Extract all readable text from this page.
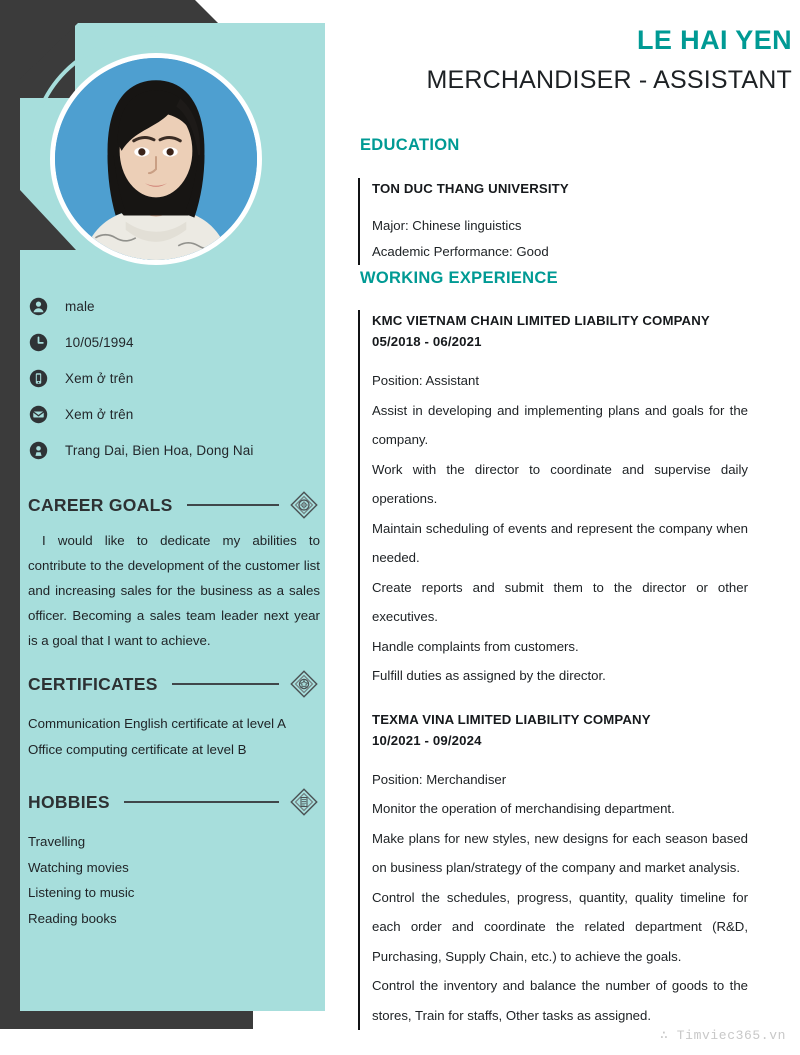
male
10/05/1994
Xem ở trên
Xem ở trên
Trang Dai, Bien Hoa, Dong Nai
CAREER GOALS
I would like to dedicate my abilities to contribute to the development of the customer list and increasing sales for the business as a sales officer. Becoming a sales team leader next year is a goal that I want to achieve.
CERTIFICATES
Communication English certificate at level A
Office computing certificate at level B
HOBBIES
Travelling
Watching movies
Listening to music
Reading books
LE HAI YEN
MERCHANDISER - ASSISTANT
EDUCATION
TON DUC THANG UNIVERSITY
Major: Chinese linguistics
Academic Performance: Good
WORKING EXPERIENCE
KMC VIETNAM CHAIN LIMITED LIABILITY COMPANY
05/2018 - 06/2021
Position: Assistant
Assist in developing and implementing plans and goals for the company.
Work with the director to coordinate and supervise daily operations.
Maintain scheduling of events and represent the company when needed.
Create reports and submit them to the director or other executives.
Handle complaints from customers.
Fulfill duties as assigned by the director.
TEXMA VINA LIMITED LIABILITY COMPANY
10/2021 - 09/2024
Position: Merchandiser
Monitor the operation of merchandising department.
Make plans for new styles, new designs for each season based on business plan/strategy of the company and market analysis.
Control the schedules, progress, quantity, quality timeline for each order and coordinate the related department (R&D, Purchasing, Supply Chain, etc.) to achieve the goals.
Control the inventory and balance the number of goods to the stores, Train for staffs, Other tasks as assigned.
∴ Timviec365.vn
